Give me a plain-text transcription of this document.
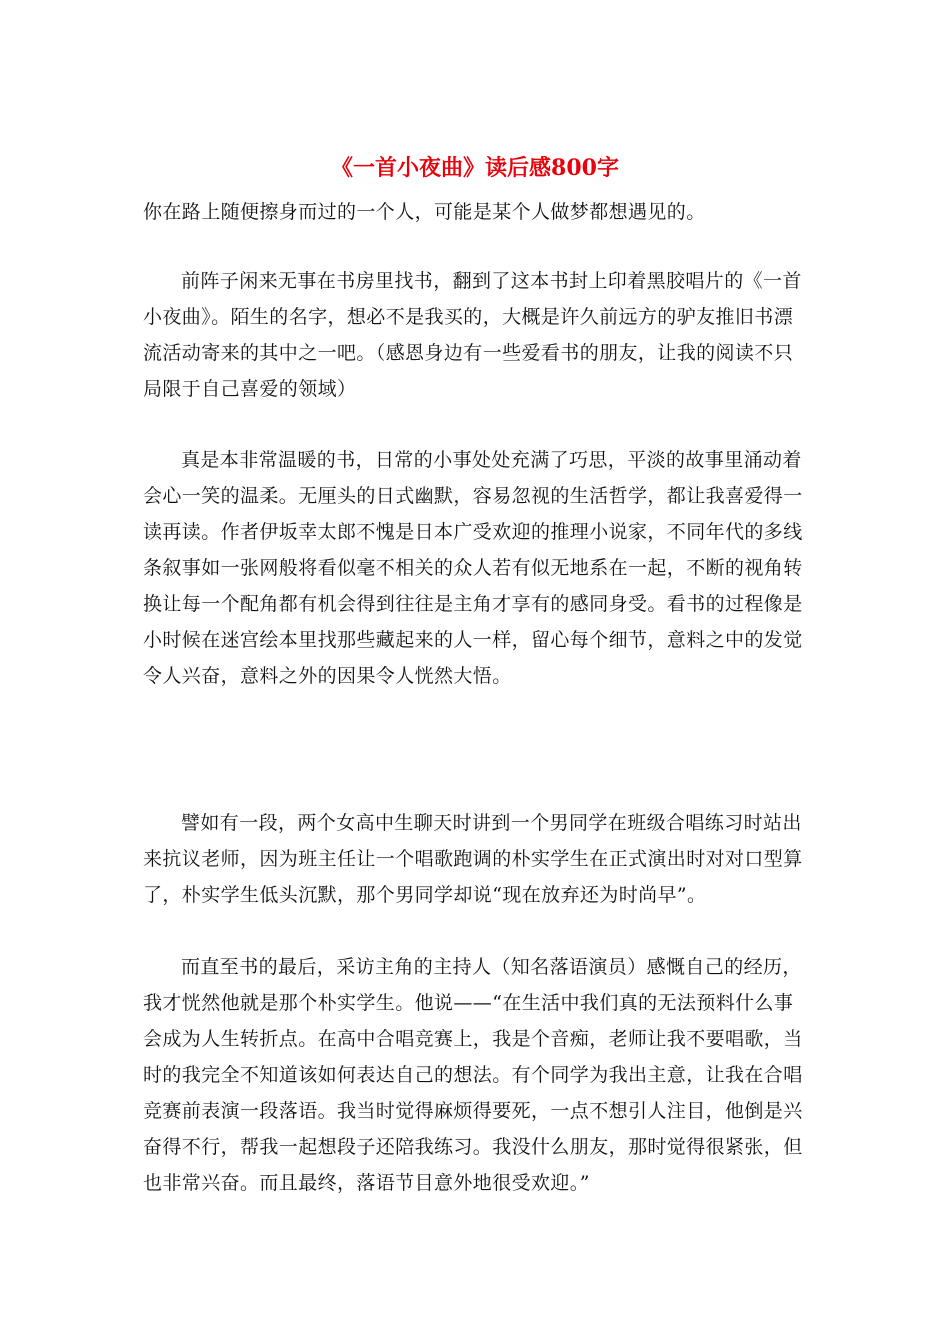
《一首小夜曲》读后感800字

你在路上随便擦身而过的一个人，可能是某个人做梦都想遇见的。

前阵子闲来无事在书房里找书，翻到了这本书封上印着黑胶唱片的《一首小夜曲》。陌生的名字，想必不是我买的，大概是许久前远方的驴友推旧书漂流活动寄来的其中之一吧。（感恩身边有一些爱看书的朋友，让我的阅读不只局限于自己喜爱的领域）

真是本非常温暖的书，日常的小事处处充满了巧思，平淡的故事里涌动着会心一笑的温柔。无厘头的日式幽默，容易忽视的生活哲学，都让我喜爱得一读再读。作者伊坂幸太郎不愧是日本广受欢迎的推理小说家，不同年代的多线条叙事如一张网般将看似毫不相关的众人若有似无地系在一起，不断的视角转换让每一个配角都有机会得到往往是主角才享有的感同身受。看书的过程像是小时候在迷宫绘本里找那些藏起来的人一样，留心每个细节，意料之中的发觉令人兴奋，意料之外的因果令人恍然大悟。

譬如有一段，两个女高中生聊天时讲到一个男同学在班级合唱练习时站出来抗议老师，因为班主任让一个唱歌跑调的朴实学生在正式演出时对对口型算了，朴实学生低头沉默，那个男同学却说“现在放弃还为时尚早”。

而直至书的最后，采访主角的主持人（知名落语演员）感慨自己的经历，我才恍然他就是那个朴实学生。他说——“在生活中我们真的无法预料什么事会成为人生转折点。在高中合唱竞赛上，我是个音痴，老师让我不要唱歌，当时的我完全不知道该如何表达自己的想法。有个同学为我出主意，让我在合唱竞赛前表演一段落语。我当时觉得麻烦得要死，一点不想引人注目，他倒是兴奋得不行，帮我一起想段子还陪我练习。我没什么朋友，那时觉得很紧张，但也非常兴奋。而且最终，落语节目意外地很受欢迎。”
